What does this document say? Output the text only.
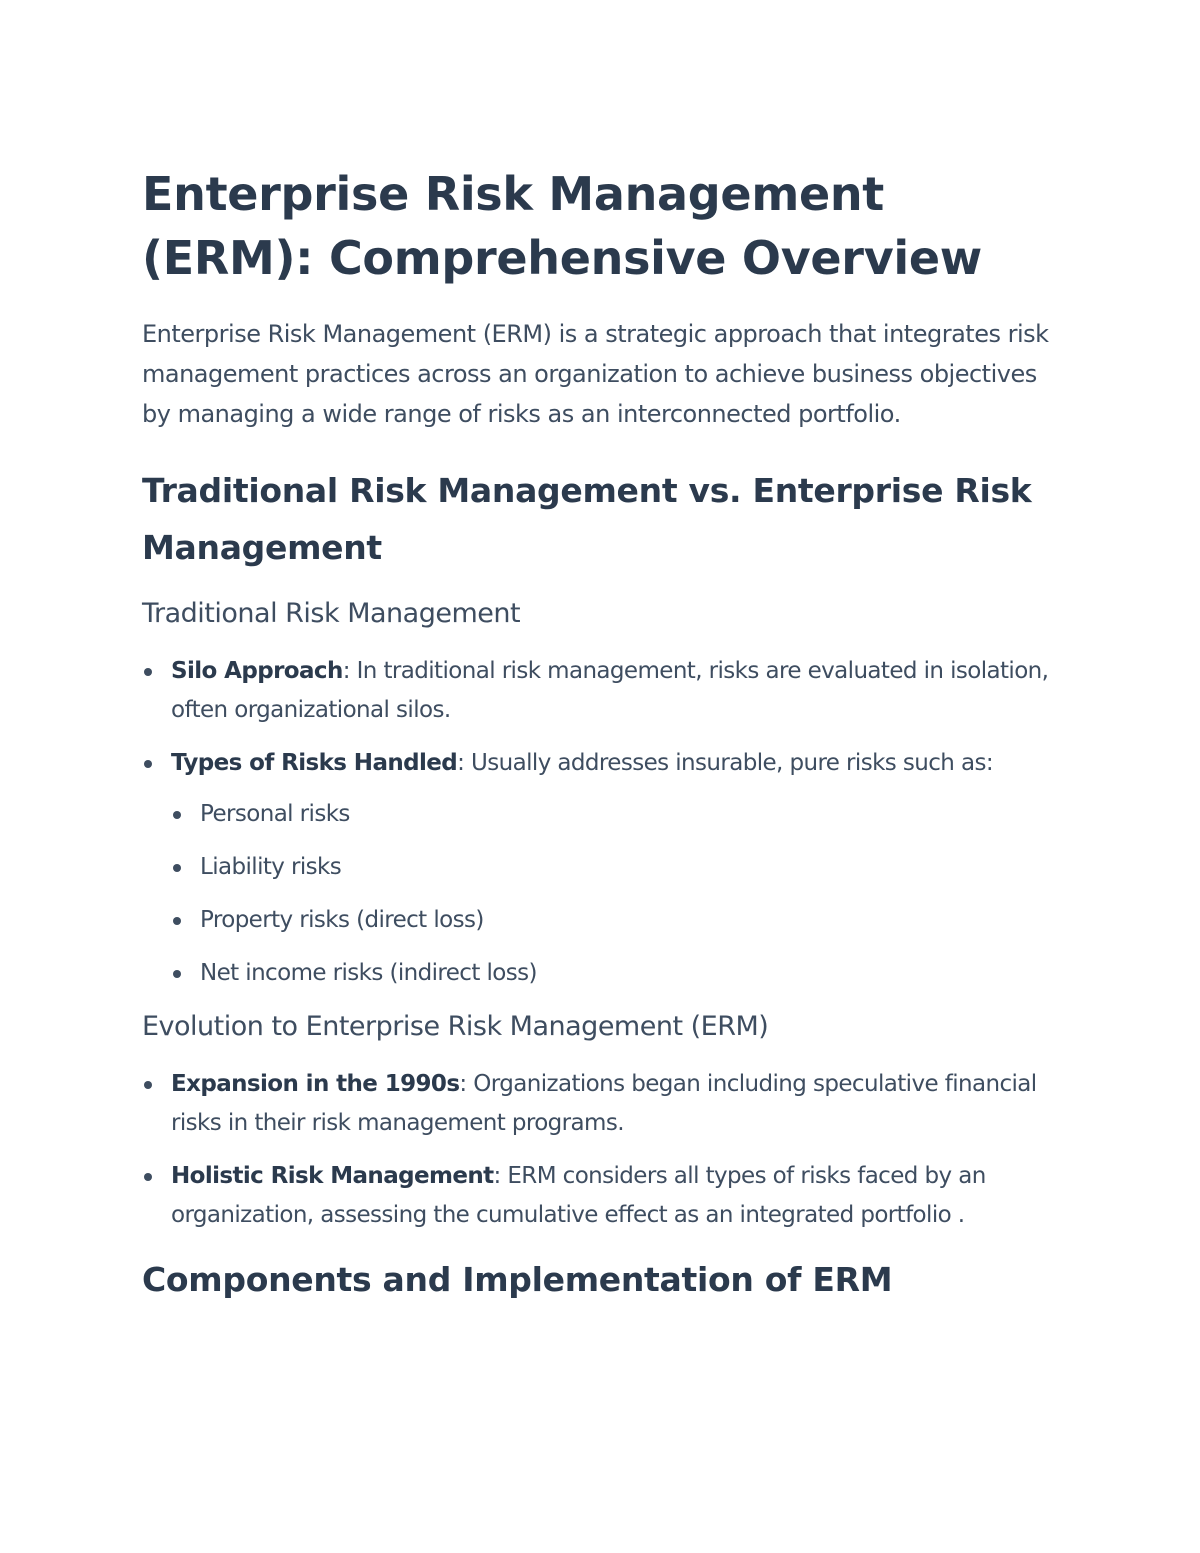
Enterprise Risk Management (ERM): Comprehensive Overview

Enterprise Risk Management (ERM) is a strategic approach that integrates risk management practices across an organization to achieve business objectives by managing a wide range of risks as an interconnected portfolio.

Traditional Risk Management vs. Enterprise Risk Management
Traditional Risk Management
Silo Approach: In traditional risk management, risks are evaluated in isolation, often organizational silos.
Types of Risks Handled: Usually addresses insurable, pure risks such as:
Personal risks
Liability risks
Property risks (direct loss)
Net income risks (indirect loss)
Evolution to Enterprise Risk Management (ERM)
Expansion in the 1990s: Organizations began including speculative financial risks in their risk management programs.
Holistic Risk Management: ERM considers all types of risks faced by an organization, assessing the cumulative effect as an integrated portfolio .
Components and Implementation of ERM
